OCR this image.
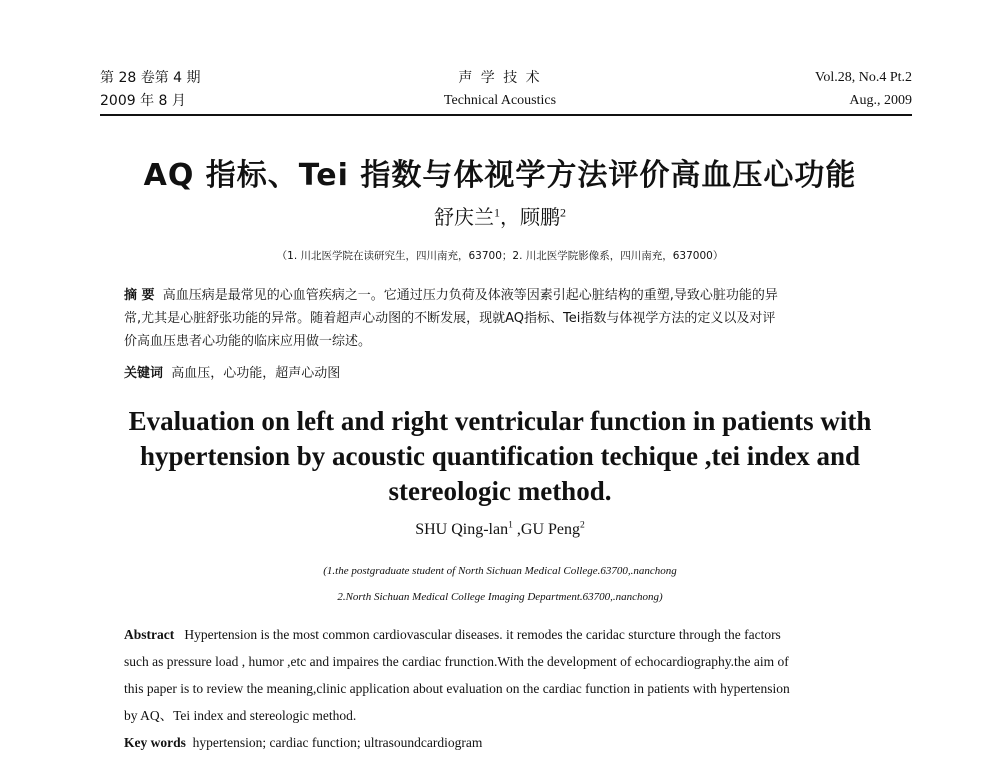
第 28 卷第 4 期
2009 年 8 月
声 学 技 术
Technical Acoustics
Vol.28, No.4 Pt.2
Aug., 2009
AQ 指标、Tei 指数与体视学方法评价高血压心功能
舒庆兰$^1$，顾鹏$^2$
（1. 川北医学院在读研究生，四川南充，63700；2. 川北医学院影像系，四川南充，637000）
摘 要 高血压病是最常见的心血管疾病之一。它通过压力负荷及体液等因素引起心脏结构的重塑,导致心脏功能的异
常,尤其是心脏舒张功能的异常。随着超声心动图的不断发展，现就AQ指标、Tei指数与体视学方法的定义以及对评
价高血压患者心功能的临床应用做一综述。
关键词 高血压，心功能，超声心动图
Evaluation on left and right ventricular function in patients with
hypertension by acoustic quantification techique ,tei index and
stereologic method.
SHU Qing-lan$^1$ ,GU Peng$^2$
(1.the postgraduate student of North Sichuan Medical College.63700,.nanchong
2.North Sichuan Medical College Imaging Department.63700,.nanchong)
Abstract Hypertension is the most common cardiovascular diseases. it remodes the caridac sturcture through the factors
such as pressure load , humor ,etc and impaires the cardiac frunction.With the development of echocardiography.the aim of
this paper is to review the meaning,clinic application about evaluation on the cardiac function in patients with hypertension
by AQ、Tei index and stereologic method.
Key words hypertension; cardiac function; ultrasoundcardiogram
